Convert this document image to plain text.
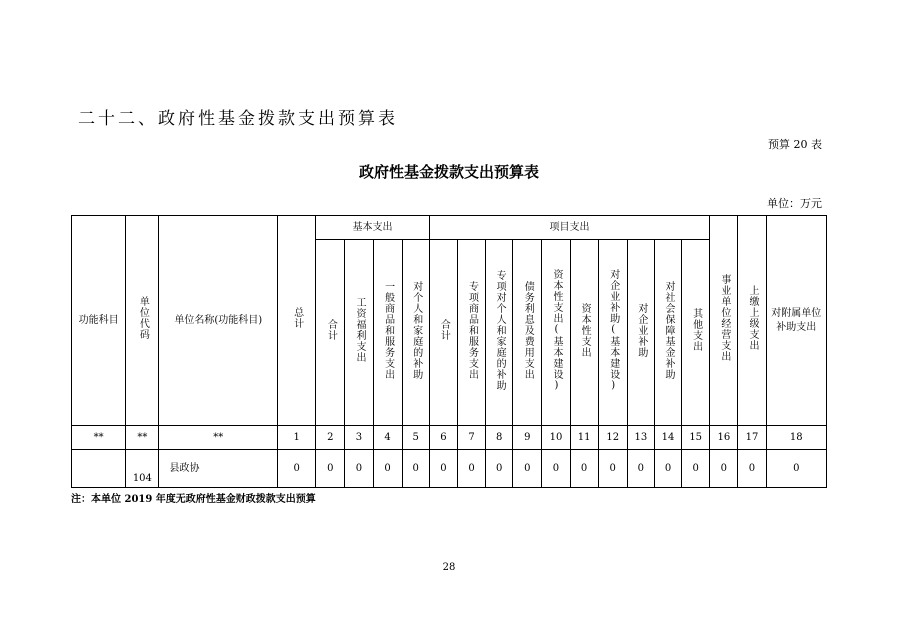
二十二、政府性基金拨款支出预算表
预算 20 表
政府性基金拨款支出预算表
单位：万元
功能科目	单位代码	单位名称(功能科目)	总计	基本支出				项目支出										事业单位经营支出	上缴上级支出	对附属单位补助支出
				合计	工资福利支出	一般商品和服务支出	对个人和家庭的补助	合计	专项商品和服务支出	专项对个人和家庭的补助	债务利息及费用支出	资本性支出(基本建设)	资本性支出	对企业补助(基本建设)	对企业补助	对社会保障基金补助	其他支出			
**	**	**	1	2	3	4	5	6	7	8	9	10	11	12	13	14	15	16	17	18
	104	县政协	0	0	0	0	0	0	0	0	0	0	0	0	0	0	0	0	0	0
注：本单位 2019 年度无政府性基金财政拨款支出预算
28
